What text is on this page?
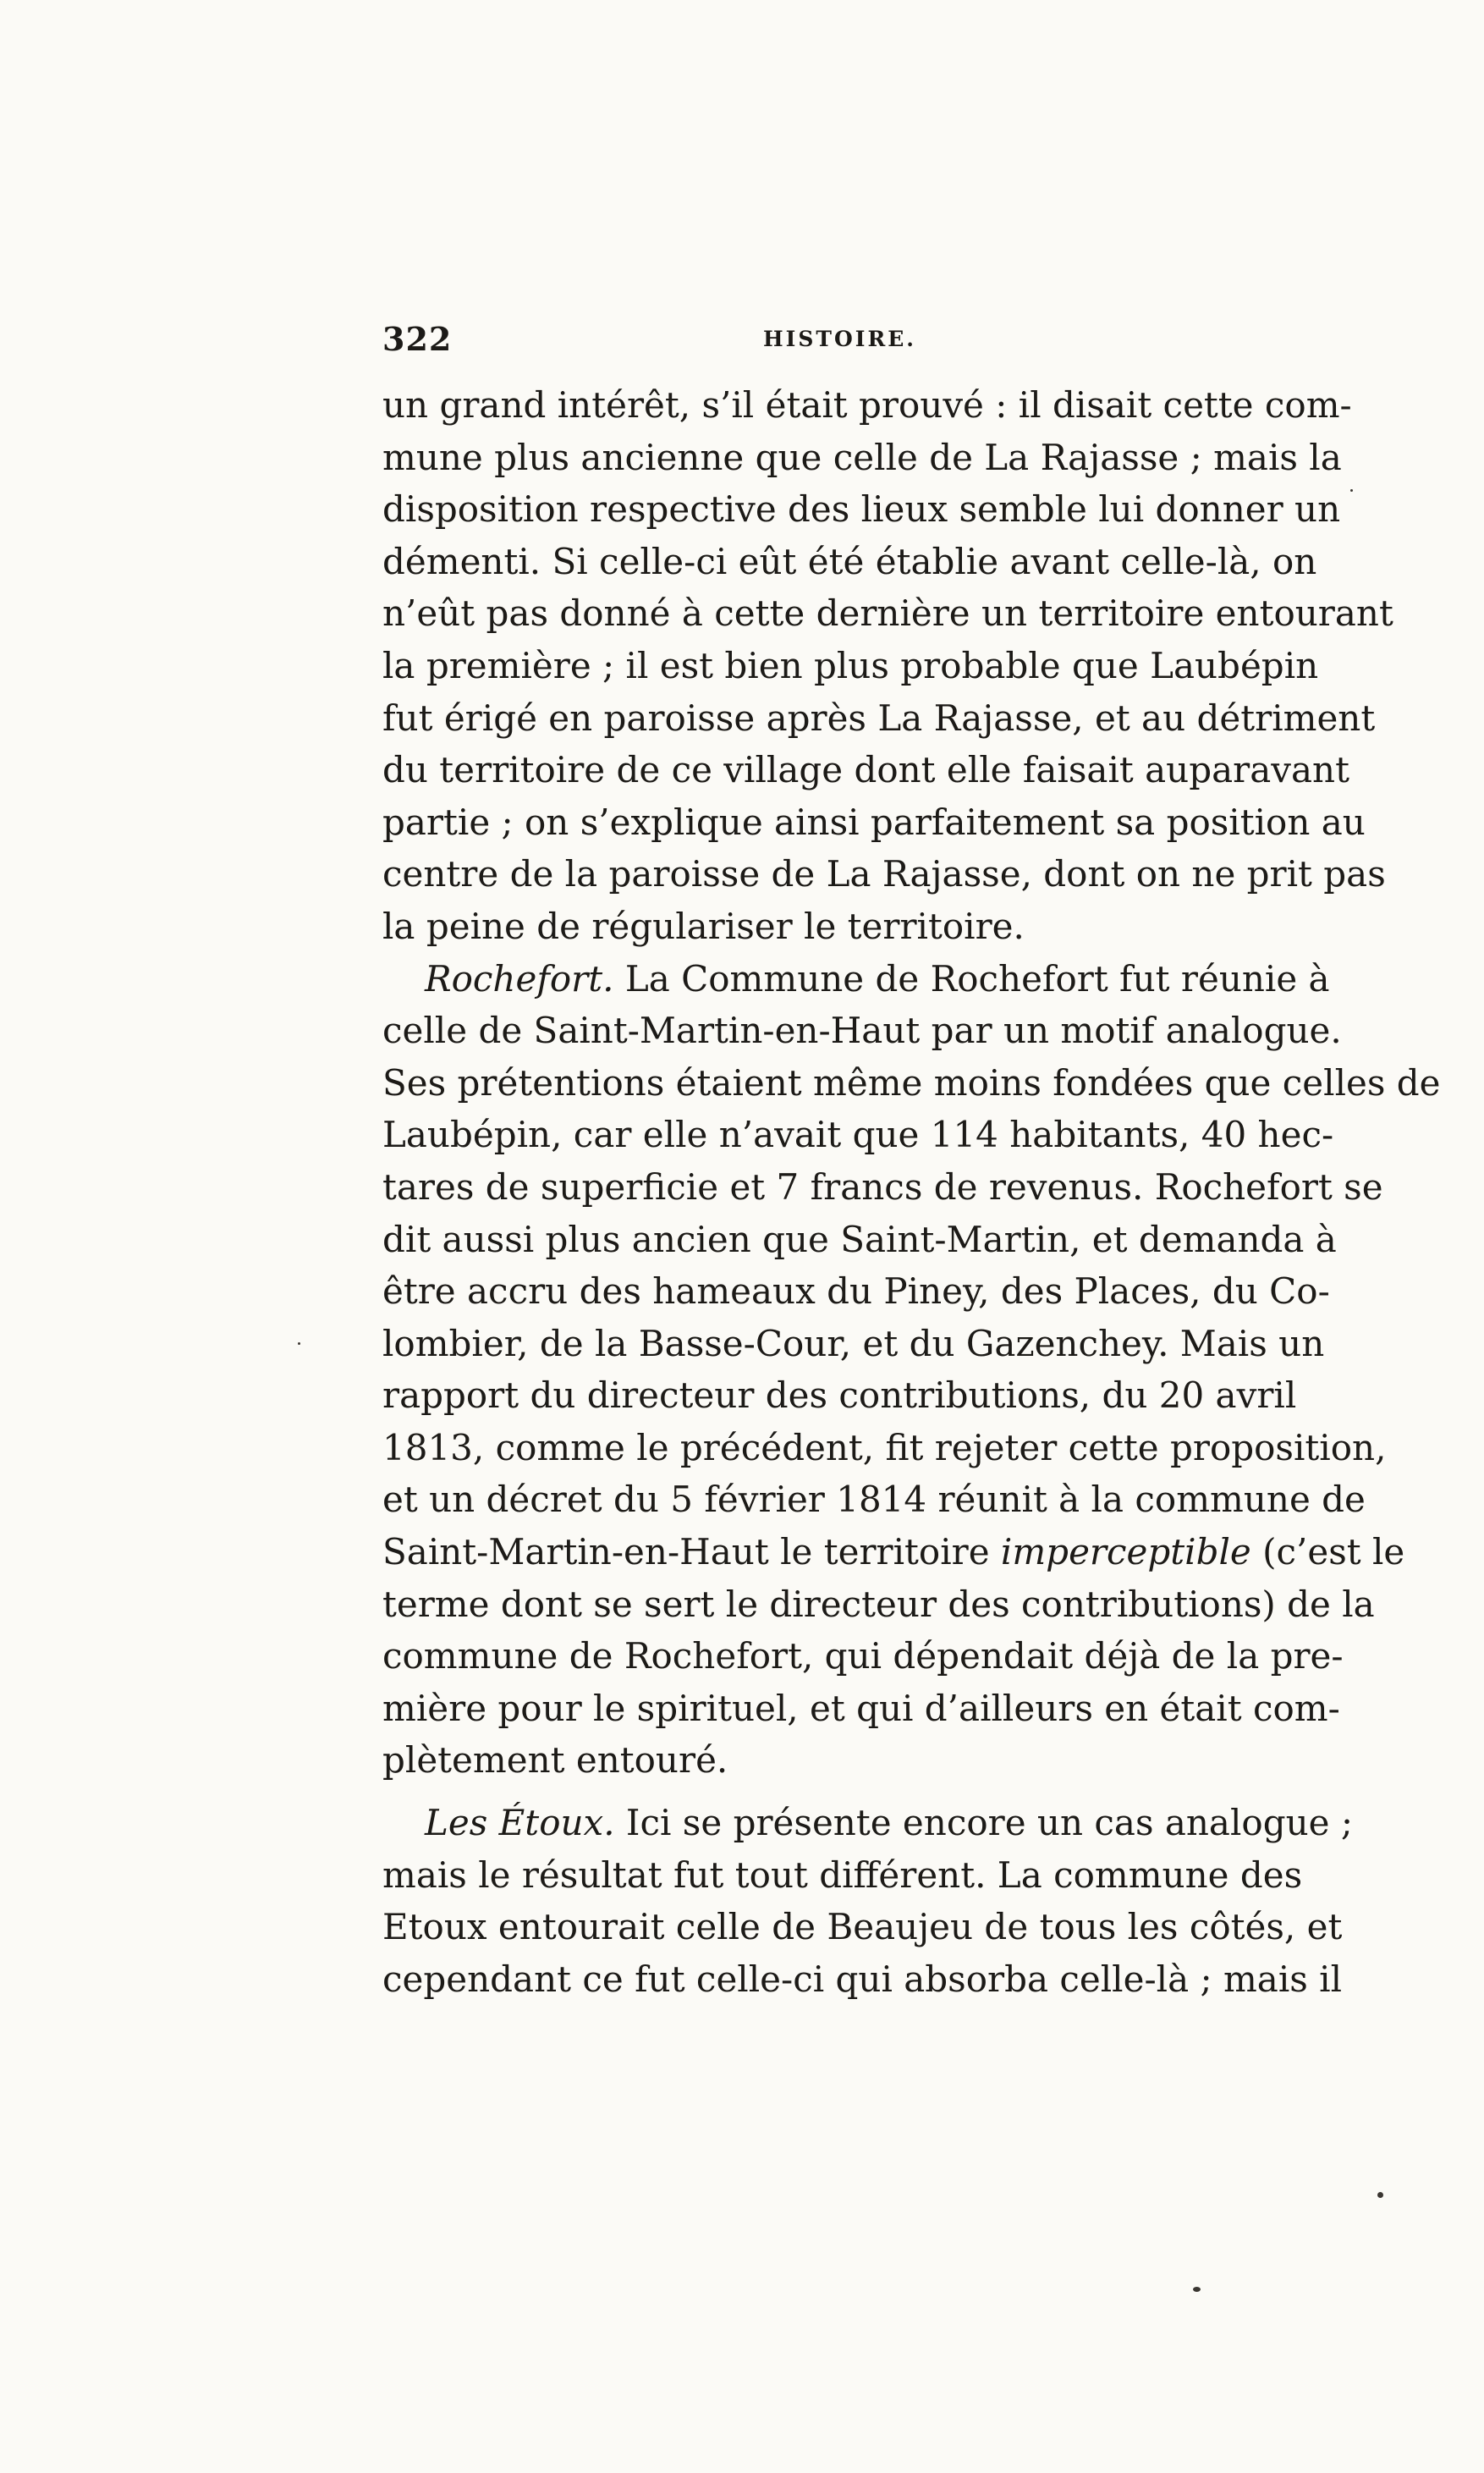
322	HISTOIRE.
un grand intérêt, s’il était prouvé : il disait cette com-
mune plus ancienne que celle de La Rajasse ; mais la
disposition respective des lieux semble lui donner un
démenti. Si celle-ci eût été établie avant celle-là, on
n’eût pas donné à cette dernière un territoire entourant
la première ; il est bien plus probable que Laubépin
fut érigé en paroisse après La Rajasse, et au détriment
du territoire de ce village dont elle faisait auparavant
partie ; on s’explique ainsi parfaitement sa position au
centre de la paroisse de La Rajasse, dont on ne prit pas
la peine de régulariser le territoire.
Rochefort. La Commune de Rochefort fut réunie à
celle de Saint-Martin-en-Haut par un motif analogue.
Ses prétentions étaient même moins fondées que celles de
Laubépin, car elle n’avait que 114 habitants, 40 hec-
tares de superficie et 7 francs de revenus. Rochefort se
dit aussi plus ancien que Saint-Martin, et demanda à
être accru des hameaux du Piney, des Places, du Co-
lombier, de la Basse-Cour, et du Gazenchey. Mais un
rapport du directeur des contributions, du 20 avril
1813, comme le précédent, fit rejeter cette proposition,
et un décret du 5 février 1814 réunit à la commune de
Saint-Martin-en-Haut le territoire imperceptible (c’est le
terme dont se sert le directeur des contributions) de la
commune de Rochefort, qui dépendait déjà de la pre-
mière pour le spirituel, et qui d’ailleurs en était com-
plètement entouré.
Les Étoux. Ici se présente encore un cas analogue ;
mais le résultat fut tout différent. La commune des
Etoux entourait celle de Beaujeu de tous les côtés, et
cependant ce fut celle-ci qui absorba celle-là ; mais il
